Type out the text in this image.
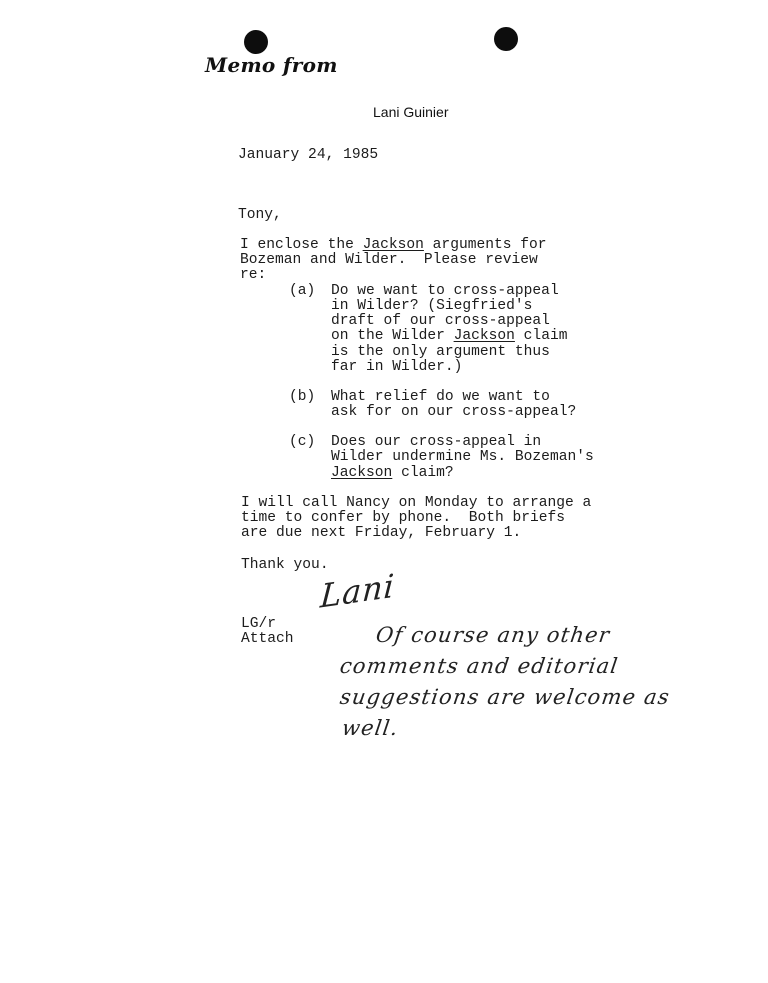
Memo from
Lani Guinier
January 24, 1985
Tony,
I enclose the Jackson arguments for
Bozeman and Wilder.  Please review
re:
(a) Do we want to cross-appeal
in Wilder? (Siegfried's
draft of our cross-appeal
on the Wilder Jackson claim
is the only argument thus
far in Wilder.)
(b) What relief do we want to
ask for on our cross-appeal?
(c) Does our cross-appeal in
Wilder undermine Ms. Bozeman's
Jackson claim?
I will call Nancy on Monday to arrange a
time to confer by phone.  Both briefs
are due next Friday, February 1.
Thank you.
Lani
LG/r
Attach	Of course any other
comments and editorial
suggestions are welcome as
well.
